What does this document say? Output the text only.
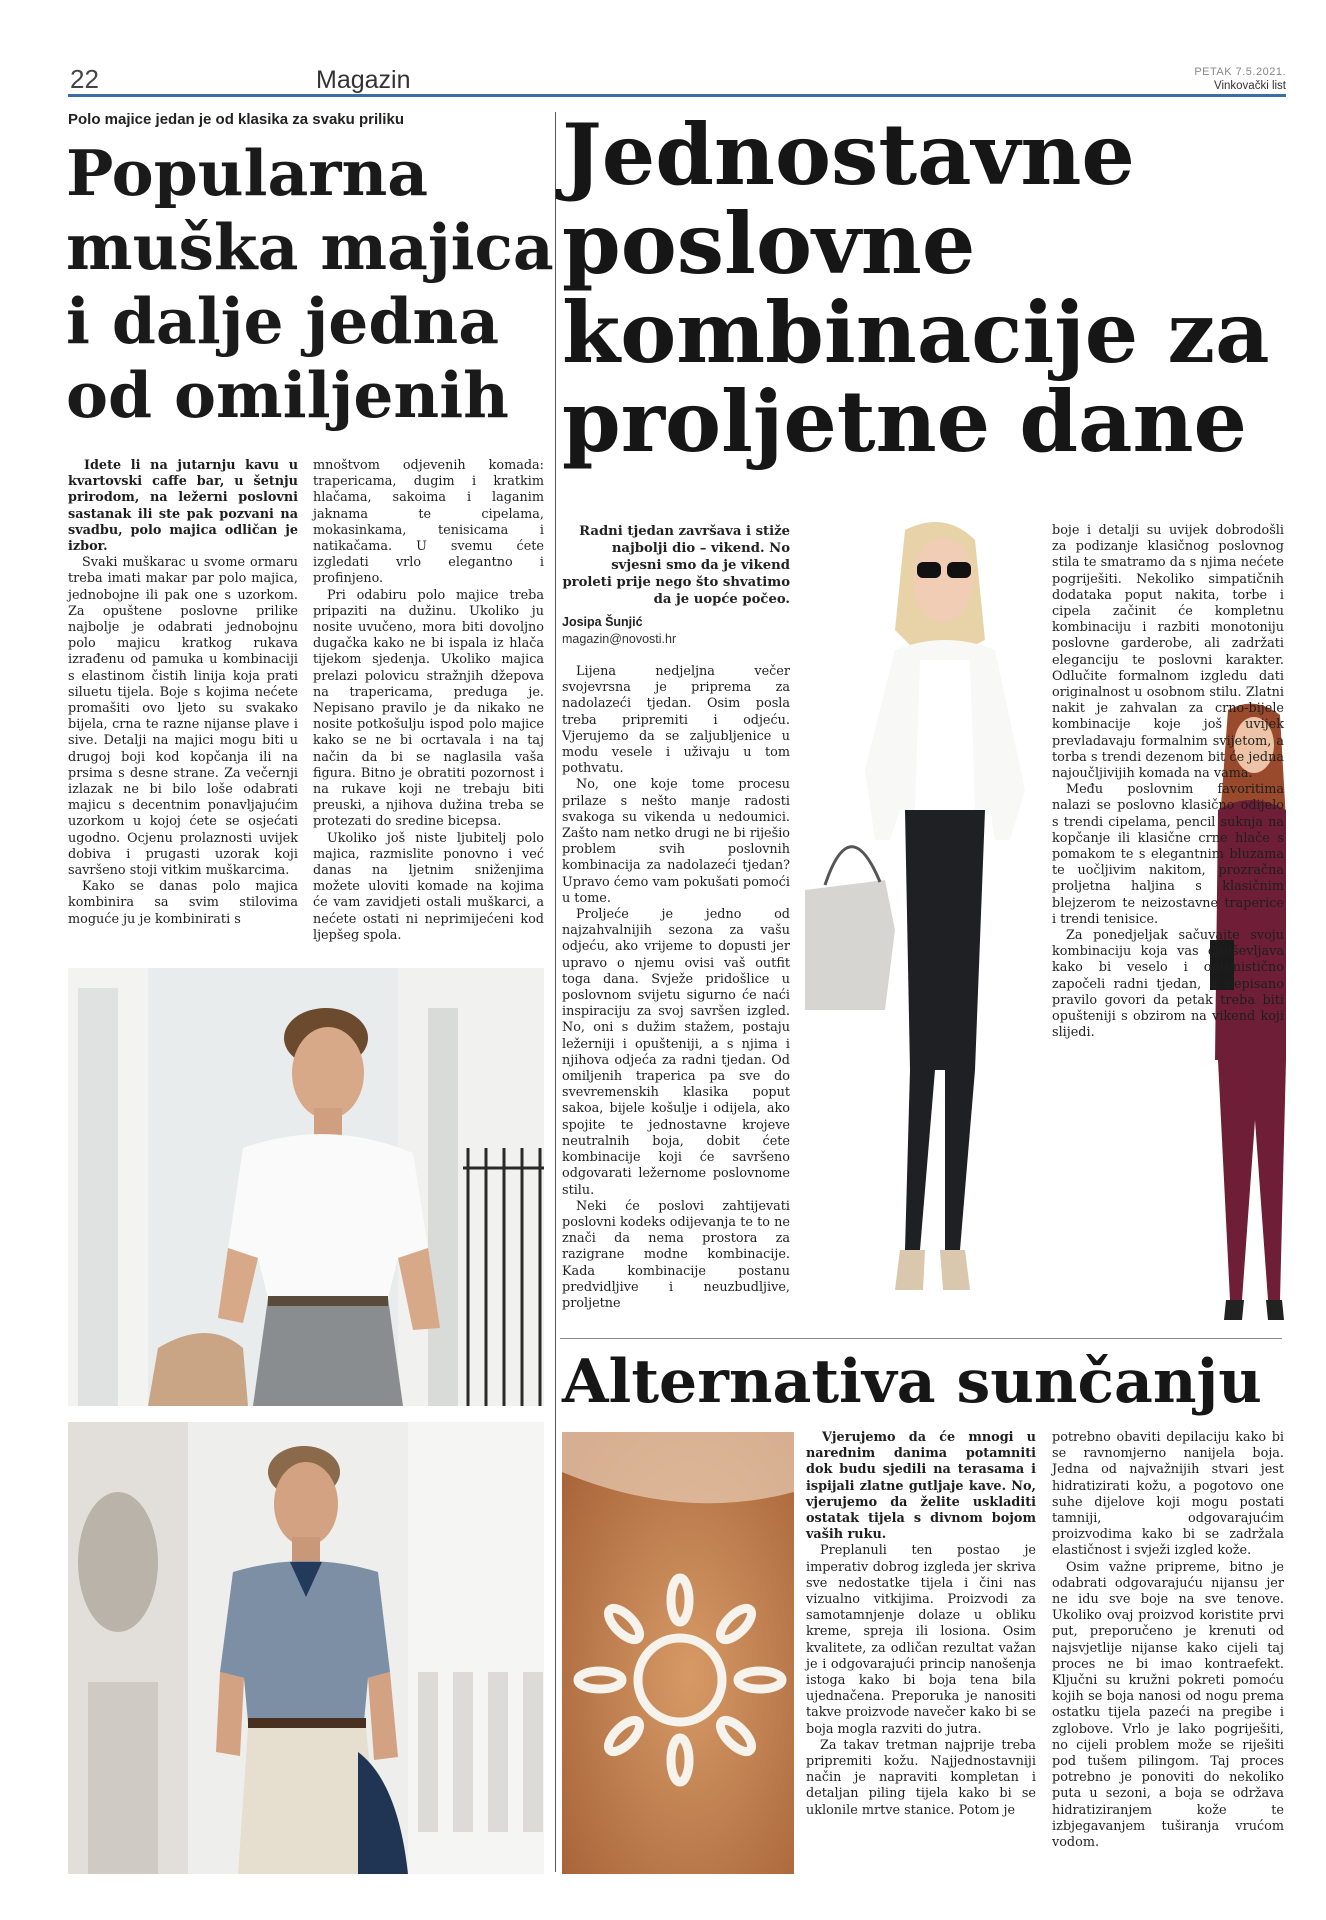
22	Magazin	PETAK 7.5.2021.
Vinkovački list
Polo majice jedan je od klasika za svaku priliku
Popularna
muška majica
i dalje jedna
od omiljenih

Idete li na jutarnju kavu u kvartovski caffe bar, u šetnju prirodom, na ležerni poslovni sastanak ili ste pak pozvani na svadbu, polo majica odličan je izbor.

Svaki muškarac u svome ormaru treba imati makar par polo majica, jednobojne ili pak one s uzorkom. Za opuštene poslovne prilike najbolje je odabrati jednobojnu polo majicu kratkog rukava izrađenu od pamuka u kombinaciji s elastinom čistih linija koja prati siluetu tijela. Boje s kojima nećete promašiti ovo ljeto su svakako bijela, crna te razne nijanse plave i sive. Detalji na majici mogu biti u drugoj boji kod kopčanja ili na prsima s desne strane. Za večernji izlazak ne bi bilo loše odabrati majicu s decentnim ponavljajućim uzorkom u kojoj ćete se osjećati ugodno. Ocjenu prolaznosti uvijek dobiva i prugasti uzorak koji savršeno stoji vitkim muškarcima.

Kako se danas polo majica kombinira sa svim stilovima moguće ju je kombinirati s

mnoštvom odjevenih komada: trapericama, dugim i kratkim hlačama, sakoima i laganim jaknama te cipelama, mokasinkama, tenisicama i natikačama. U svemu ćete izgledati vrlo elegantno i profinjeno.

Pri odabiru polo majice treba pripaziti na dužinu. Ukoliko ju nosite uvučeno, mora biti dovoljno dugačka kako ne bi ispala iz hlača tijekom sjedenja. Ukoliko majica prelazi polovicu stražnjih džepova na trapericama, preduga je. Nepisano pravilo je da nikako ne nosite potkošulju ispod polo majice kako se ne bi ocrtavala i na taj način da bi se naglasila vaša figura. Bitno je obratiti pozornost i na rukave koji ne trebaju biti preuski, a njihova dužina treba se protezati do sredine bicepsa.

Ukoliko još niste ljubitelj polo majica, razmislite ponovno i već danas na ljetnim sniženjima možete uloviti komade na kojima će vam zavidjeti ostali muškarci, a nećete ostati ni neprimijećeni kod ljepšeg spola.

Jednostavne
poslovne
kombinacije za
proljetne dane
Radni tjedan završava i stiže najbolji dio – vikend. No svjesni smo da je vikend proleti prije nego što shvatimo da je uopće počeo.
Josipa Šunjić
magazin@novosti.hr

Lijena nedjeljna večer svojevrsna je priprema za nadolazeći tjedan. Osim posla treba pripremiti i odjeću. Vjerujemo da se zaljubljenice u modu vesele i uživaju u tom pothvatu.

No, one koje tome procesu prilaze s nešto manje radosti svakoga su vikenda u nedoumici. Zašto nam netko drugi ne bi riješio problem svih poslovnih kombinacija za nadolazeći tjedan? Upravo ćemo vam pokušati pomoći u tome.

Proljeće je jedno od najzahvalnijih sezona za vašu odjeću, ako vrijeme to dopusti jer upravo o njemu ovisi vaš outfit toga dana. Svježe pridošlice u poslovnom svijetu sigurno će naći inspiraciju za svoj savršen izgled. No, oni s dužim stažem, postaju ležerniji i opušteniji, a s njima i njihova odjeća za radni tjedan. Od omiljenih traperica pa sve do svevremenskih klasika poput sakoa, bijele košulje i odijela, ako spojite te jednostavne krojeve neutralnih boja, dobit ćete kombinacije koji će savršeno odgovarati ležernome poslovnome stilu.

Neki će poslovi zahtijevati poslovni kodeks odijevanja te to ne znači da nema prostora za razigrane modne kombinacije. Kada kombinacije postanu predvidljive i neuzbudljive, proljetne

boje i detalji su uvijek dobrodošli za podizanje klasičnog poslovnog stila te smatramo da s njima nećete pogriješiti. Nekoliko simpatičnih dodataka poput nakita, torbe i cipela začinit će kompletnu kombinaciju i razbiti monotoniju poslovne garderobe, ali zadržati eleganciju te poslovni karakter. Odlučite formalnom izgledu dati originalnost u osobnom stilu. Zlatni nakit je zahvalan za crno-bijele kombinacije koje još uvijek prevladavaju formalnim svijetom, a torba s trendi dezenom bit će jedna najoučljivijih komada na vama.

Među poslovnim favoritima nalazi se poslovno klasično odijelo s trendi cipelama, pencil suknja na kopčanje ili klasične crne hlače s pomakom te s elegantnim bluzama te uočljivim nakitom, prozračna proljetna haljina s klasičnim blejzerom te neizostavne traperice i trendi tenisice.

Za ponedjeljak sačuvajte svoju kombinaciju koja vas oduševljava kako bi veselo i optimistično započeli radni tjedan, a nepisano pravilo govori da petak treba biti opušteniji s obzirom na vikend koji slijedi.

Alternativa sunčanju

Vjerujemo da će mnogi u narednim danima potamniti dok budu sjedili na terasama i ispijali zlatne gutljaje kave. No, vjerujemo da želite uskladiti ostatak tijela s divnom bojom vaših ruku.

Preplanuli ten postao je imperativ dobrog izgleda jer skriva sve nedostatke tijela i čini nas vizualno vitkijima. Proizvodi za samotamnjenje dolaze u obliku kreme, spreja ili losiona. Osim kvalitete, za odličan rezultat važan je i odgovarajući princip nanošenja istoga kako bi boja tena bila ujednačena. Preporuka je nanositi takve proizvode navečer kako bi se boja mogla razviti do jutra.

Za takav tretman najprije treba pripremiti kožu. Najjednostavniji način je napraviti kompletan i detaljan piling tijela kako bi se uklonile mrtve stanice. Potom je

potrebno obaviti depilaciju kako bi se ravnomjerno nanijela boja. Jedna od najvažnijih stvari jest hidratizirati kožu, a pogotovo one suhe dijelove koji mogu postati tamniji, odgovarajućim proizvodima kako bi se zadržala elastičnost i svježi izgled kože.

Osim važne pripreme, bitno je odabrati odgovarajuću nijansu jer ne idu sve boje na sve tenove. Ukoliko ovaj proizvod koristite prvi put, preporučeno je krenuti od najsvjetlije nijanse kako cijeli taj proces ne bi imao kontraefekt. Ključni su kružni pokreti pomoću kojih se boja nanosi od nogu prema ostatku tijela pazeći na pregibe i zglobove. Vrlo je lako pogriješiti, no cijeli problem može se riješiti pod tušem pilingom. Taj proces potrebno je ponoviti do nekoliko puta u sezoni, a boja se održava hidratiziranjem kože te izbjegavanjem tuširanja vrućom vodom.
